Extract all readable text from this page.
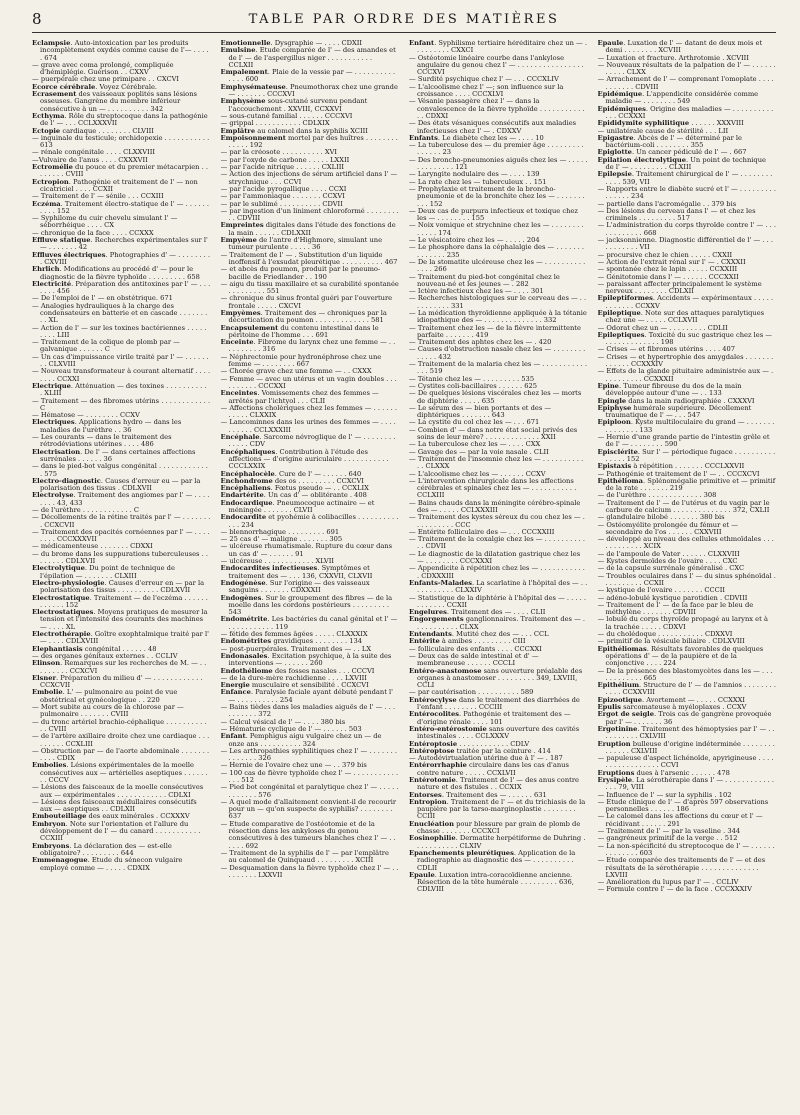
8	TABLE PAR ORDRE DES MATIÈRES

Eclampsie. Auto-intoxication par les produits incomplètement oxydés comme cause de l'— . . . . . 674

— grave avec coma prolongé, compliquée d'hémiplégie. Guérison . . CXXV

— puerpérale chez une primipare . . CXCVI

Ecorce cérébrale. Voyez Cérébrale.

Ecrasement des vaisseaux poplités sans lésions osseuses. Gangrène du membre inférieur consécutive à un — . . . . . . . . . . 342

Ecthyma. Rôle du streptocoque dans la pathogénie de l' — . . . CCLXXXVII

Ectopie cardiaque . . . . . . . . CLVIII

— inguinale du testicule; orchidopexie . . . . . . . . . . . 613

— rénale congénitale . . . . CLXXVIII

—Vulvaire de l'anus . . . . CXXXVII

Ectromélie du pouce et du premier métacarpien . . . . . . . . CVIII

Ectropion. Pathogénie et traitement de l' — non cicatriciel . . . . CCXII

— Traitement de l' — sénile . . . CCXIII

Eczéma. Traitement électro-statique de l' — . . . . . . . . . . 152

— Syphilome du cuir chevelu simulant l' — séborrhéique . . . . CX

— chronique de la face . . . . CCXXX

Effluve statique. Recherches expérimentales sur l' — . . . . . . . 42

Effluves électriques. Photographies d' — . . . . . . . . . CXVIII

Ehrlich. Modifications au procédé d' — pour le diagnostic de la fièvre typhoïde . . . . . . . . . 658

Electricité. Préparation des antitoxines par l' — . . . . . . . 456

— De l'emploi de l' — en obstétrique. 671

— Analogies hydrauliques à la charge des condensateurs en batterie et en cascade . . . . . . . . . XL

— Action de l' — sur les toxines bactériennes . . . . . . . . . LIII

— Traitement de la colique de plomb par — galvanique . . . . . . C

— Un cas d'impuissance virile traité par l' — . . . . . . . . CLXVIII

— Nouveau transformateur à courant alternatif . . . . . . . . CCXXI

Electrique. Atténuation — des toxines . . . . . . . . . . . XLIII

— Traitement — des fibromes utérins . . . . . . . . . . . . C

— Hématose — . . . . . . . . CCXV

Electriques. Applications hydro — dans les maladies de l'urèthre . . 36

— Les courants — dans le traitement des rétrodéviations utérines . . . . 486

Electrisation. De l' — dans certaines affections surrénales . . . . . . 36

— dans le pied-bot valgus congénital . . . . . . . . . . . . . 575

Electro-diagnostic. Causes d'erreur eu — par la polarisation des tissus . CDLXVII

Electrolyse. Traitement des angiomes par l' — . . . . . . . . 43, 433

— de l'urèthre . . . . . . . . . . . . C

— Décollements de la rétine traités par l' — . . . . . . . . CCXCVII

— Traitement des opacités cornéennes par l' — . . . . . . . . CCCXXXVII

— médicamenteuse . . . . . . . CDXXI

— du brome dans les suppurations tuberculeuses . . . . . . . . CDLXVII

Electrolytique. Du point de technique de l'épilation — . . . . . . . CLXIII

Electro-physiologie. Causes d'erreur en — par la polarisation des tissus . . . . . . . . . . CDLXVII

Electrostatique. Traitement — de l'eczéma . . . . . . . . . . . . 152

Electrostatiques. Moyens pratiques de mesurer la tension et l'intensité des courants des machines — . . . . XL

Electrothérapie. Goître exophtalmique traité par l' — . . . . CDLXVIII

Elephantiasis congénital . . . . . . 48

— des organes génitaux externes . . CCLIV

Elinson. Remarques sur les recherches de M. — . . . . . . . . . CCXCVI

Elsner. Préparation du milieu d' — . . . . . . . . . . . . CCXCVII

Embolie. L' — pulmonaire au point de vue obstétrical et gynécologique . . 220

— Mort subite au cours de la chlorose par — pulmonaire . . . . . . . CVIII

— du tronc artériel brachio-céphalique . . . . . . . . . . . . CVIII

— de l'artère axillaire droite chez une cardiaque . . . . . . . . . CCXLIII

— Obstruction par — de l'aorte abdominale . . . . . . . . . . . CDIX

Embolies. Lésions expérimentales de la moelle consécutives aux — artérielles aseptiques . . . . . . . . CCCV

— Lésions des faisceaux de la moelle consécutives aux — expérimentales . . . . . . . . . . . . CDLXI

— Lésions des faisceaux médullaires consécutifs aux — aseptiques . . CDLXII

Embouteillage des eaux minérales . CCXXXV

Embryon. Note sur l'orientation et l'allure du développement de l' — du canard . . . . . . . . . . . CCXIII

Embryons. La déclaration des — est-elle obligatoire? . . . . . . . . . 644

Emmenagogue. Etude du sénecon vulgaire employé comme — . . . . . CDXIX

Emotionnelle. Dysgraphie — . . . . CDXII

Emulsine. Etude comparée de l' — des amandes et de l' — de l'aspergillus niger . . . . . . . . . . . CCLXII

Empalement. Plaie de la vessie par — . . . . . . . . . . . . . . 600

Emphysémateuse. Pneumothorax chez une grande — . . . . . . . CCCXVI

Emphysème sous-cutané survenu pendant l'accouchement . XXVIII, CCXXVI

— sous-cutané familial . . . . . . CCCXVI

— grippal . . . . . . . . . . . CDLXIX

Emplâtre au calomel dans la syphilis XCIII

Empoisonnement mortel par des huîtres . . . . . . . . . . . . . 192

— par la créosote . . . . . . . . . . XVI

— par l'oxyde de carbone . . . . . LXXII

— par l'acide nitrique . . . . . . CXLIII

— Action des injections de sérum artificiel dans l' — strychnique . . . CCVI

— par l'acide pyrogallique . . . . CCXI

— par l'ammoniaque . . . . . . . CCXVI

— par le sublimé . . . . . . . . . . CDVII

— par ingestion d'un liniment chloroformé . . . . . . . . . . CDVIII

Empreintes digitales dans l'étude des fonctions de la main . . . . . . CDLXXII

Empyème de l'antre d'Highmore, simulant une tumeur purulente . . . . . 36

— Traitement de l' — . Substitution d'un liquide inoffensif à l'exsudat pleurétique . . . . . . . . . . 467

— et abcès du poumon, produit par le pneumo-bacille de Friedlander . . 190

— aigu du tissu maxillaire et sa curabilité spontanée . . . . . . . . . 551

— chronique du sinus frontal guéri par l'ouverture frontale . . . . . CXCVI

Empyèmes. Traitement des — chroniques par la décortication du poumon . . . . . . . . . . . . . 581

Encapsulement du contenu intestinal dans le péritoine de l'homme . . . 691

Enceinte. Fibrome du larynx chez une femme — . . . . . . . . . . 316

— Néphrectomie pour hydronéphrose chez une femme — . . . . . . . . 667

— Chorée grave chez une femme — . . CXXX

— Femme — avec un utérus et un vagin doubles . . . . . . . . . . CCCXXI

Enceintes. Vomissements chez des femmes — arrêtés par l'ichtyol . . . CLII

— Affections cholériques chez les femmes — . . . . . . . . . . . CLXXIX

— Lancominnes dans les urines des femmes — . . . . . . . . . . CCLXXXIII

Encéphale. Sarcome névroglique de l' — . . . . . . . . . . . . . CDV

Encéphaliques. Contribution à l'étude des affections — d'origine auriculaire . . . . . . . . . . . CCCLXXIX

Encéphalocèle. Cure de l' — . . . . . . 640

Enchondrome des os . . . . . . . . . CCXCVI

Encéphaliens. Fœtus pseudo — . . CCXLIX

Endartérite. Un cas d' — oblitérante . 408

Endocardique. Pneumocoque actinaire — et méningée . . . . . . . CLVII

Endocardite et pyohémie à colibacilles . . . . . . . . . . . . . 234

— blennorrhagique . . . . . . . . . 691

— 25 cas d' — maligne . . . . . . . 305

— ulcéreuse rhumatismale. Rupture du cœur dans un cas d' — . . . . . . 91

— ulcéreuse . . . . . . . . . . . . XLVII

Endocardites infectieuses. Symptômes et traitement des — . . . 136, CXXVII, CLXVII

Endogénèse. Sur l'origine — des vaisseaux sanguins . . . . . . . CDXXXII

Endogènes. Sur le groupement des fibres — de la moelle dans les cordons postérieurs . . . . . . . . . 543

Endométrite. Les bactéries du canal génital et l' — . . . . . . . . . . . 119

— fétide des femmes âgées . . . . . CLXXXIX

Endométrites gravidiques . . . . . . . . 134

— post-puerpérales. Traitement des — . . LX

Endonasales. Excitation psychique, à la suite des interventions — . . . . . . 260

Endothéliome des fosses nasales . . . CCCVI

— de la dure-mère rachidienne . . . . LXVIII

Energie musculaire et sensibilité . CCXCVI

Enfance. Paralysie faciale ayant débuté pendant l' — . . . . . . . . . . 254

— Bains tièdes dans les maladies aiguës de l' — . . . . . . . . . . 372

— Calcul vésical de l' — . . . . 380 bis

— Hématurie cyclique de l' — . . . . . . 503

Enfant. Pemphigus aigu vulgaire chez un — de onze ans . . . . . . . . . . 324

— Les arthropathies syphilitiques chez l' — . . . . . . . . . . . . . . 326

— Hernie de l'ovaire chez une — . . 379 bis

— 100 cas de fièvre typhoïde chez l' — . . . . . . . . . . . . . . 512

— Pied bot congénital et paralytique chez l' — . . . . . . . . . . . . 576

— A quel mode d'allaitement convient-il de recourir pour un — qu'on suspecte de syphilis? . . . . . . . . 637

— Etude comparative de l'ostéotomie et de la résection dans les ankyloses du genou consécutives à des tumeurs blanches chez l' — . . . . . . 692

— Traitement de la syphilis de l' — par l'emplâtre au calomel de Quinquaud . . . . . . . . . XCIII

— Desquamation dans la fièvre typhoïde chez l' — . . . . . . . . . LXXVII

Enfant. Syphilisme tertiaire héréditaire chez un — . . . . . . . . . CXXCI

— Ostéotomie linéaire courbe dans l'ankylose angulaire du genou chez l' — . . . . . . . . . . . . . . . . CCCXVI

— Surdité psychique chez l' — . . . CCCXLIV

— L'alcoolisme chez l' —; son influence sur la croissance . . . . CCCXLVI

— Vésanie passagère chez l' — dans la convalescence de la fièvre typhoïde . . . . . . . . . . . . . CDXXI

— Des états vésaniques consécutifs aux maladies infectieuses chez l' — . CDXXV

Enfants. Le diabète chez les — . . . . 10

— La tuberculose des — du premier âge . . . . . . . . . . . . . . . 23

— Des broncho-pneumonies aiguës chez les — . . . . . . . . . . . . . . 121

— Laryngite nodulaire des — . . . . 139

— La rate chez les — tuberculeux . . 151

— Prophylaxie et traitement de la broncho-pneumonie et de la bronchite chez les — . . . . . . . . . . 152

— Deux cas de purpura infectieux et toxique chez les — . . . . . . . . 155

— Noix vomique et strychnine chez les — . . . . . . . . . . . . . 174

— Le vésicatoire chez les — . . . . . 204

— Le phosphore dans la céphalalgie des — . . . . . . . . . . . . . . 235

— De la stomatite ulcéreuse chez les — . . . . . . . . . . . . . . 266

— Traitement du pied-bot congénital chez le nouveau-né et les jeunes — . 282

— Ictère infectieux chez les — . . . . 301

— Recherches histologiques sur le cerveau des — . . . . . . . . . . 331

— La médication thyroïdienne appliquée à la tétanie idiopathique des — . . . . . . . . . . . . . . 332

— Traitement chez les — de la fièvre intermittente parfaite . . . . . . . 419

— Traitement des aphtes chez les — . 420

— Causes d'obstruction nasale chez les — . . . . . . . . . . . . . 432

— Traitement de la malaria chez les — . . . . . . . . . . . . . . 519

— Tétanie chez les — . . . . . . . . . 535

— Cystites coli-bacillaires . . . . . . 625

— De quelques lésions viscérales chez les — morts de diphtérie . . . . . 635

— Le sérum des — bien portants et des — diphtériques . . . . . . . 643

— La cystite du col chez les — . . . 671

— Combien d' — dans notre état social privés des soins de leur mère? . . . . . . . . . . . . . XXII

— La tuberculose chez les — . . . . CXX

— Gavage des — par la voie nasale . CLII

— Traitement de l'insomnie chez les — . . . . . . . . . . . . CLXXX

— L'alcoolisme chez les — . . . . . . CCXV

— L'intervention chirurgicale dans les affections cérébrales et spinales chez les — . . . . . . . . . . . CCLXIII

— Bains chauds dans la méningite cérébro-spinale des — . . . . . CCLXXXIII

— Traitement des kystes séreux du cou chez les — . . . . . . . . . . CCC

— Entérite folliculaire des — . . . CCCXXIII

— Traitement de la coxalgie chez les — . . . . . . . . . . . . CDVII

— Le diagnostic de la dilatation gastrique chez les — . . . . . . . . CCCXXXI

— Appendicite à répétition chez les — . . . . . . . . . . . . CDXXXIII

Enfants-Malades. La scarlatine à l'hôpital des — . . . . . . . . . . . CLXXIV

— Statistique de la diphtérie à l'hôpital des — . . . . . . . . . . . . CCXII

Engelures. Traitement des — . . . . CLII

Engorgements ganglionnaires. Traitement des — . . . . . . . . . . . CLXX

Entendants. Mutité chez des — . . . CCL

Entérite à amibes . . . . . . . . . CIII

— folliculaire des enfants . . . . CCCXXI

— Deux cas de salde intestinal et d' — membraneuse . . . . . . CCCLI

Entéro-anastomose sans ouverture préalable des organes à anastomoser . . . . . . . . . 349, LXVIII, CCLI

— par cautérisation . . . . . . . . . . 589

Entérocylyse dans le traitement des diarrhées de l'enfant . . . . . . . . CCCIII

Entérocolites. Pathogénie et traitement des — d'origine rénale . . . . 101

Entéro-entérostomie sans ouverture des cavités intestinales . . . . CCLXXXV

Entéroptosie . . . . . . . . . . . . CDLV

Entéroptose traitée par la ceinture . 414

— Autodévirtualation utérine due à l' — . 187

Entérorrhaphie circulaire dans les cas d'anus contre nature . . . . . CCXLVII

Entérotomie. Traitement de l' — des anus contre nature et des fistules . . CCXIX

Entorses. Traitement des — . . . . . . 631

Entropion. Traitement de l' — et du trichiasis de la paupière par la tarso-marginoplastie . . . . . . . . CCIII

Enucléation pour blessure par grain de plomb de chasse . . . . . . . CCCXCI

Eosinophilie. Dermatite herpétiforme de Duhring . . . . . . . . . . . CLXIV

Epanchements pleurétiques. Application de la radiographie au diagnostic des — . . . . . . . . . . CDLII

Epaule. Luxation intra-coracoïdienne ancienne. Résection de la tête humérale . . . . . . . . . 636, CDLVIII

Epaule. Luxation de l' — datant de deux mois et demi . . . . . . . . XCVIII

— Luxation et fracture. Arthrotomie . XCVIII

— Nouveaux résultats de la palpation de l' — . . . . . . . . . . . CLXX

— Arrachement de l' — comprenant l'omoplate . . . . . . . . . . . CDVIII

Epidémique. L'appendicite considérée comme maladie — . . . . . . . . 549

Epidémiques. Origine des maladies — . . . . . . . . . . . . . CCXXXI

Epididymite syphilitique . . . . . . XXXVIII

— unilatérale cause de stérilité . . . LII

Epigastre. Abcès de l' — déterminé par le bactérium-coli . . . . . . . . 355

Epiglotte. Un cancer pédiculé de l' — . 667

Epilation électrolytique. Un point de technique de l' — . . . . . . . . . CLXIII

Epilepsie. Traitement chirurgical de l' — . . . . . . . . . . . . 539, VII

— Rapports entre le diabète sucré et l' — . . . . . . . . . . . . . . . 234

— partielle dans l'acromégalie . . 379 bis

— Des lésions du cerveau dans l' — et chez les criminels . . . . . . . . . 517

— L'administration du corps thyroïde contre l' — . . . . . . . . . . . . 668

— jacksonnienne. Diagnostic différentiel de l' — . . . . . . . . . . . VII

— procursive chez le chien . . . . . CXXII

— Action de l'extrait rénal sur l' — . CXXXII

— spontanée chez le lapin . . . . . CCXXIII

— Génitotomie dans l' — . . . . . . CCCXXII

— paraissant affecter principalement le système nerveux . . . . . . . . CDLXII

Epileptiformes. Accidents — expérimentaux . . . . . . . . . . . . CCXXV

Epileptique. Note sur des attaques paralytiques chez une — . . . . . CCLXVII

— Odorat chez un — . . . . . . . . . CDLII

Epileptiques. Toxicité du suc gastrique chez les — . . . . . . . . . . . . . 198

— Crises — et fibromes utérins . . . . 407

— Crises — et hypertrophie des amygdales . . . . . . . . . . . . . CCXXXIV

— Effets de la glande pituitaire administrée aux — . . . . . . . . . . CCXXXII

Epine. Tumeur fibreuse du dos de la main développée autour d'une — . . 133

Epingle dans la main radiographiée . CXXXVI

Epiphyse humérale supérieure. Décollement traumatique de l' — . . . 547

Epiploon. Kyste multiloculaire du grand — . . . . . . . . . . . . . . . 133

— Hernie d'une grande partie de l'intestin grêle et de l' — . . . . . . . . 590

Episclérite. Sur l' — périodique fugace . . . . . . . . . . . . . . . 152

Epistaxis à répétition . . . . . . . CCCLXXVII

— Pathogénie et traitement de l' — . . CCCXCVI

Epithélioma. Splénomégalie primitive et — primitif de la rate . . . . . . . 219

— de l'urèthre . . . . . . . . . . . . . 308

— Traitement de l' — de l'utérus et du vagin par le carbure de calcium . . . . . . . . . . . . . . 372, CXLII

— glandulaire bilobé . . . . . . . 380 bis

— Ostéomyélite prolongée du fémur et — secondaire de l'os . . . . . . CXXVIII

— développé au niveau des cellules ethmoïdales . . . . . . . . . . . . XCIX

— de l'ampoule de Vater . . . . . . CLXXVIII

— Kystes dermoïdes de l'ovaire . . . . CXC

— de la capsule surrénale généralisé . CXC

— Troubles oculaires dans l' — du sinus sphénoïdal . . . . . . . . . . CCXII

— kystique de l'ovaire . . . . . . . CCCII

— adéno-lobulé kystique parotidien . CDVIII

— Traitement de l' — de la face par le bleu de méthylène . . . . . . . CDVIII

— lobulé du corps thyroïde propagé au larynx et à la trachée . . . . . CDXVI

— du cholédoque . . . . . . . . . . . CDXXVI

— primitif de la vésicule biliaire . CDLXVIII

Epithéliomas. Résultats favorables de quelques opérations d' — de la paupière et de la conjonctive . . . . 224

— De la présence des blastomycètes dans les — . . . . . . . . . . . . 665

Epithélium. Structure de l' — de l'amnios . . . . . . . . . . . . CCXXVIII

Epizootique. Avortement — . . . . . CCXXXI

Epulis sarcomateuse à myéloplaxes . CCXV

Ergot de seigle. Trois cas de gangrène provoquée par l' — . . . . . . . 36

Ergotinine. Traitement des hémoptysies par l' — . . . . . . . . . . CXLVIII

Eruption bulleuse d'origine indéterminée . . . . . . . . . . . . . . CXLVIII

— papuleuse d'aspect lichénoïde, apyrigineuse . . . . . . . . . . . . . . . . . CCVI

Eruptions dues à l'arsenic . . . . . . 478

Erysipèle. La sérothérapie dans l' — . . . . . . . . . . . . . . . 79, VIII

— Influence de l' — sur la syphilis . 102

— Etude clinique de l' — d'après 597 observations personnelles . . . . . . 186

— Le calomel dans les affections du cœur et l' — récidivant . . . . . . 291

— Traitement de l' — par la vaseline . 344

— gangréneux primitif de la verge . . 512

— La non-spécificité du streptocoque de l' — . . . . . . . . . . . . . . 603

— Etude comparée des traitements de l' — et des résultats de la sérothérapie . . . . . . . . . . . . . . LXVIII

— Amélioration du lupus par l' — . CCLIV

— Formule contre l' — de la face . CCCXXXIV
